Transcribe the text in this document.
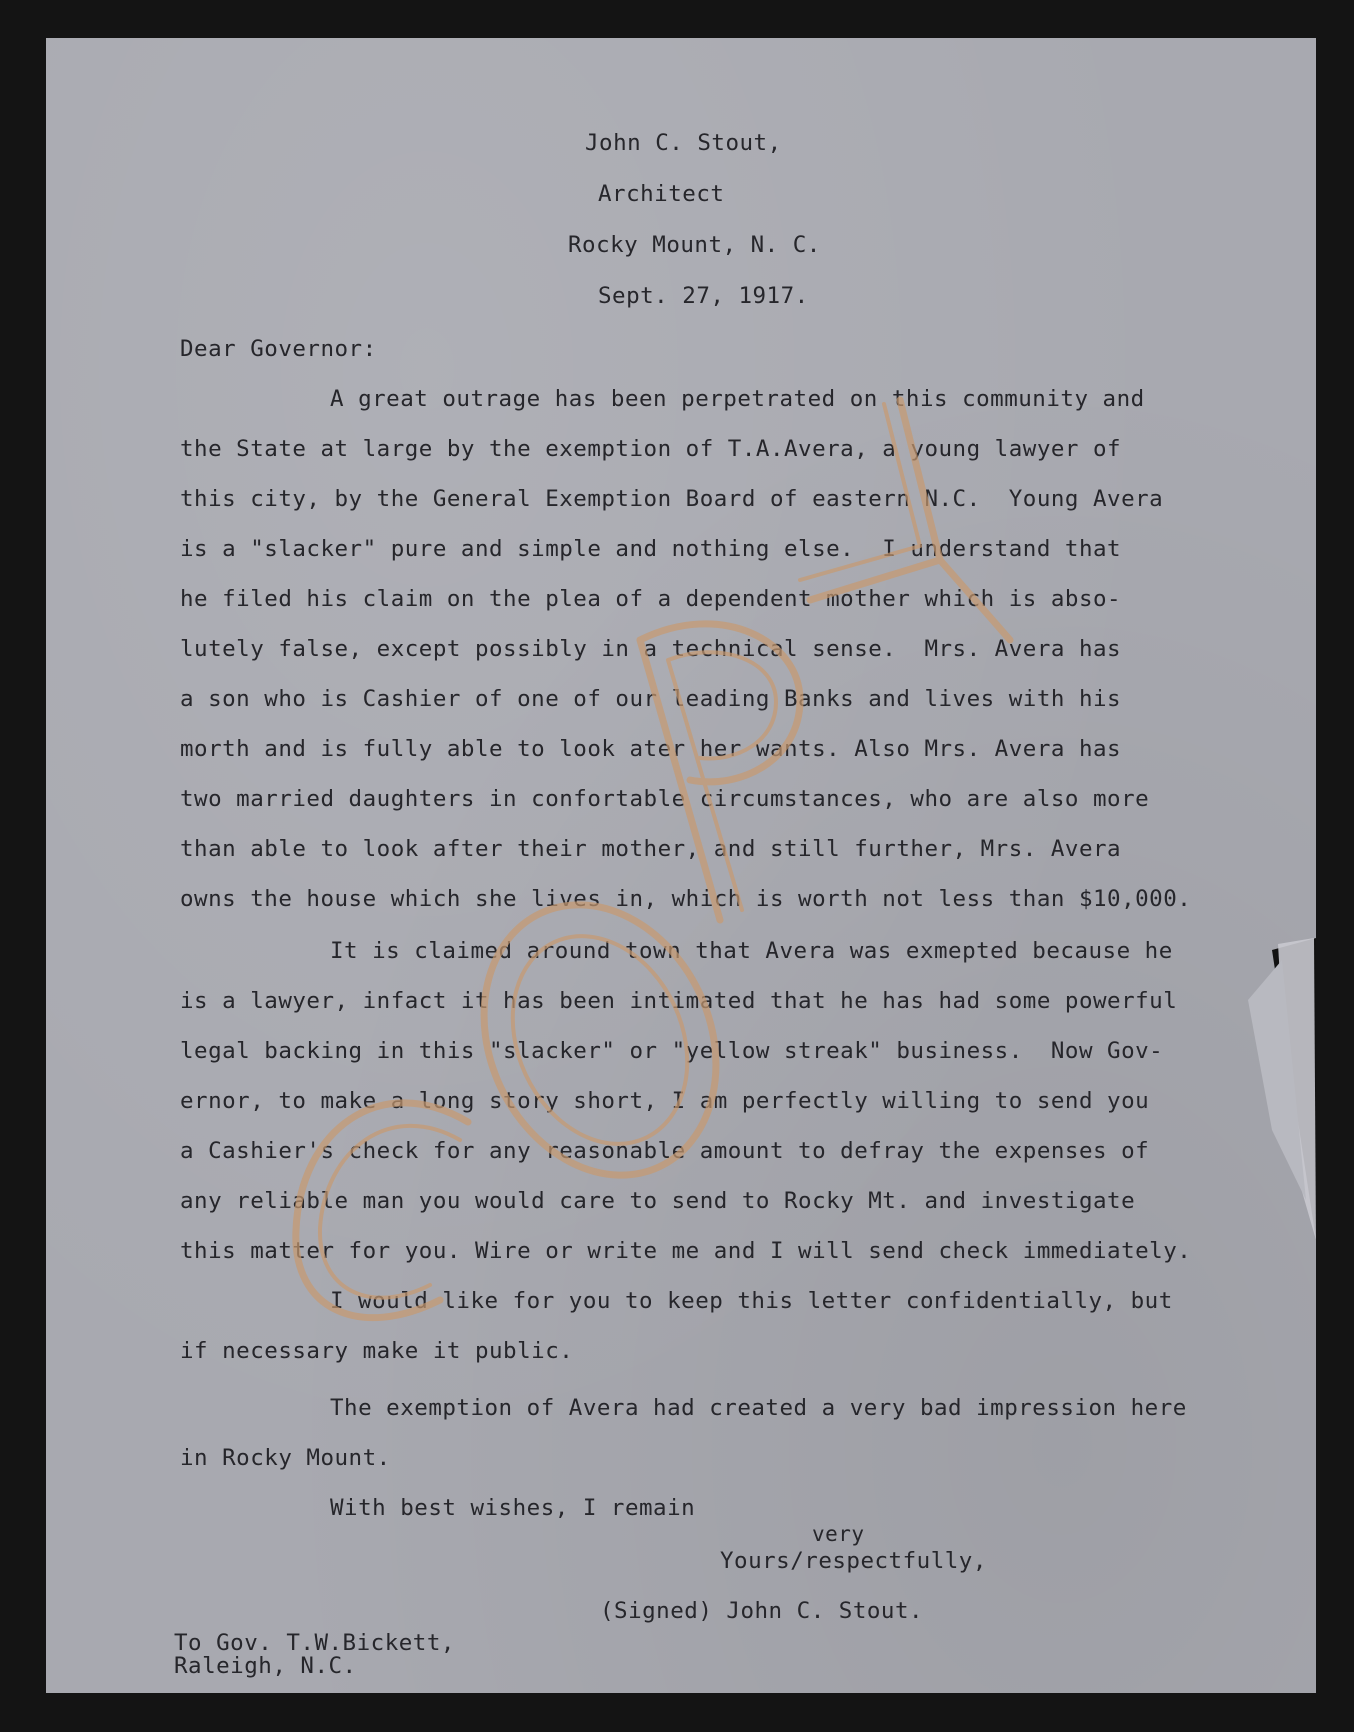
John C. Stout,
Architect
Rocky Mount, N. C.
Sept. 27, 1917.
Dear Governor:
A great outrage has been perpetrated on this community and
the State at large by the exemption of T.A.Avera, a young lawyer of
this city, by the General Exemption Board of eastern N.C.  Young Avera
is a "slacker" pure and simple and nothing else.  I understand that
he filed his claim on the plea of a dependent mother which is abso-
lutely false, except possibly in a technical sense.  Mrs. Avera has
a son who is Cashier of one of our leading Banks and lives with his
morth and is fully able to look ater her wants. Also Mrs. Avera has
two married daughters in confortable circumstances, who are also more
than able to look after their mother, and still further, Mrs. Avera
owns the house which she lives in, which is worth not less than $10,000.
It is claimed around town that Avera was exmepted because he
is a lawyer, infact it has been intimated that he has had some powerful
legal backing in this "slacker" or "yellow streak" business.  Now Gov-
ernor, to make a long story short, I am perfectly willing to send you
a Cashier's check for any reasonable amount to defray the expenses of
any reliable man you would care to send to Rocky Mt. and investigate
this matter for you. Wire or write me and I will send check immediately.
I would like for you to keep this letter confidentially, but
if necessary make it public.
The exemption of Avera had created a very bad impression here
in Rocky Mount.
With best wishes, I remain
very
Yours/respectfully,
(Signed) John C. Stout.
To Gov. T.W.Bickett,
Raleigh, N.C.
